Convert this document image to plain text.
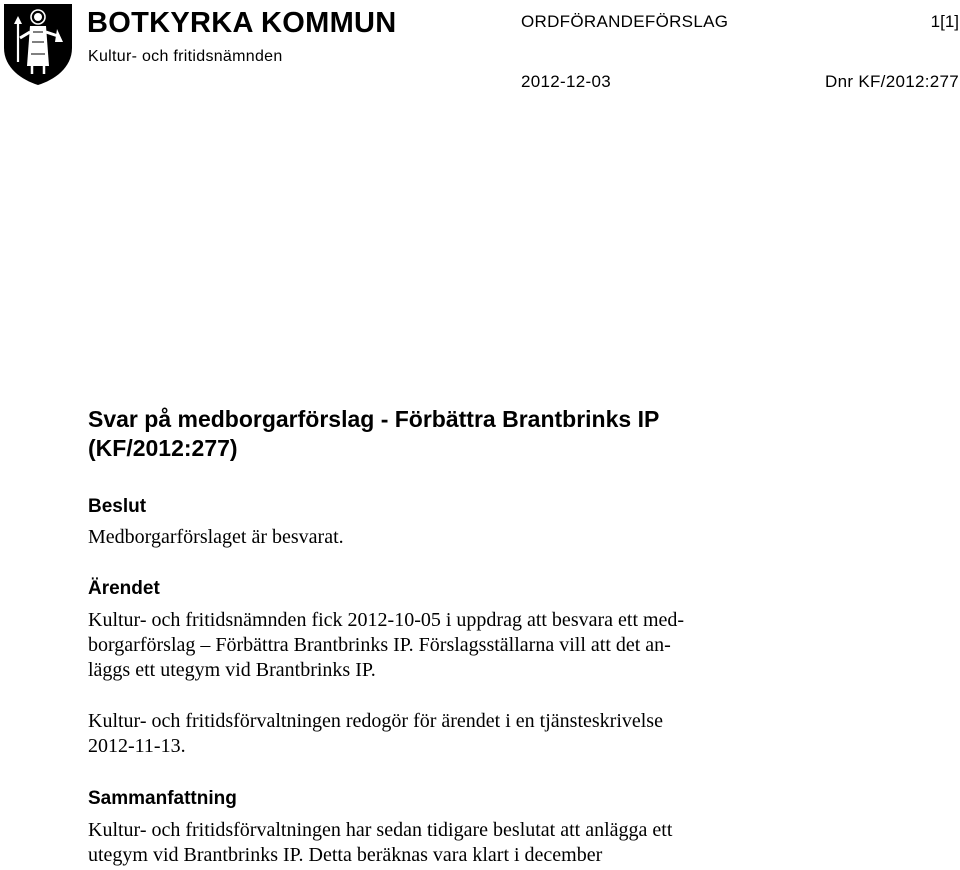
BOTKYRKA KOMMUN
Kultur- och fritidsnämnden
ORDFÖRANDEFÖRSLAG	1[1]
2012-12-03	Dnr KF/2012:277
Svar på medborgarförslag - Förbättra Brantbrinks IP
(KF/2012:277)
Beslut

Medborgarförslaget är besvarat.

Ärendet

Kultur- och fritidsnämnden fick 2012-10-05 i uppdrag att besvara ett med-
borgarförslag – Förbättra Brantbrinks IP. Förslagsställarna vill att det an-
läggs ett utegym vid Brantbrinks IP.

Kultur- och fritidsförvaltningen redogör för ärendet i en tjänsteskrivelse
2012-11-13.

Sammanfattning

Kultur- och fritidsförvaltningen har sedan tidigare beslutat att anlägga ett
utegym vid Brantbrinks IP. Detta beräknas vara klart i december
